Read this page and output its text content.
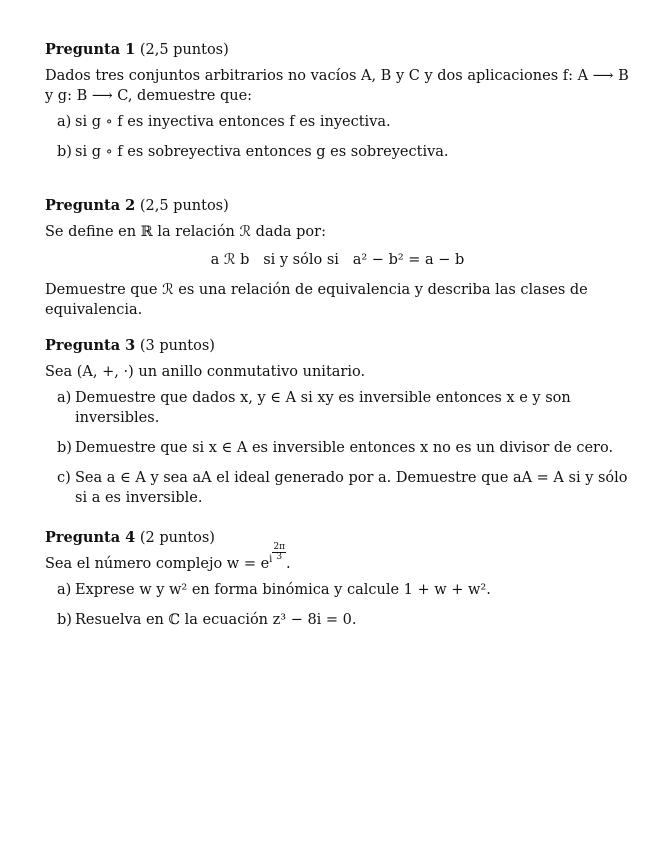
Pregunta 1 (2,5 puntos)

Dados tres conjuntos arbitrarios no vacíos A, B y C y dos aplicaciones f: A ⟶ B y g: B ⟶ C, demuestre que:

a) si g ∘ f es inyectiva entonces f es inyectiva.
b) si g ∘ f es sobreyectiva entonces g es sobreyectiva.
Pregunta 2 (2,5 puntos)

Se define en ℝ la relación ℛ dada por:

a ℛ b   si y sólo si   a² − b² = a − b

Demuestre que ℛ es una relación de equivalencia y describa las clases de equivalencia.

Pregunta 3 (3 puntos)

Sea (A, +, ·) un anillo conmutativo unitario.

a) Demuestre que dados x, y ∈ A si xy es inversible entonces x e y son inversibles.
b) Demuestre que si x ∈ A es inversible entonces x no es un divisor de cero.
c) Sea a ∈ A y sea aA el ideal generado por a. Demuestre que aA = A si y sólo si a es inversible.
Pregunta 4 (2 puntos)

Sea el número complejo $w = e^{i \frac{2\pi}{3}}$
.

a) Exprese w y w² en forma binómica y calcule 1 + w + w².
b) Resuelva en ℂ la ecuación z³ − 8i = 0.
